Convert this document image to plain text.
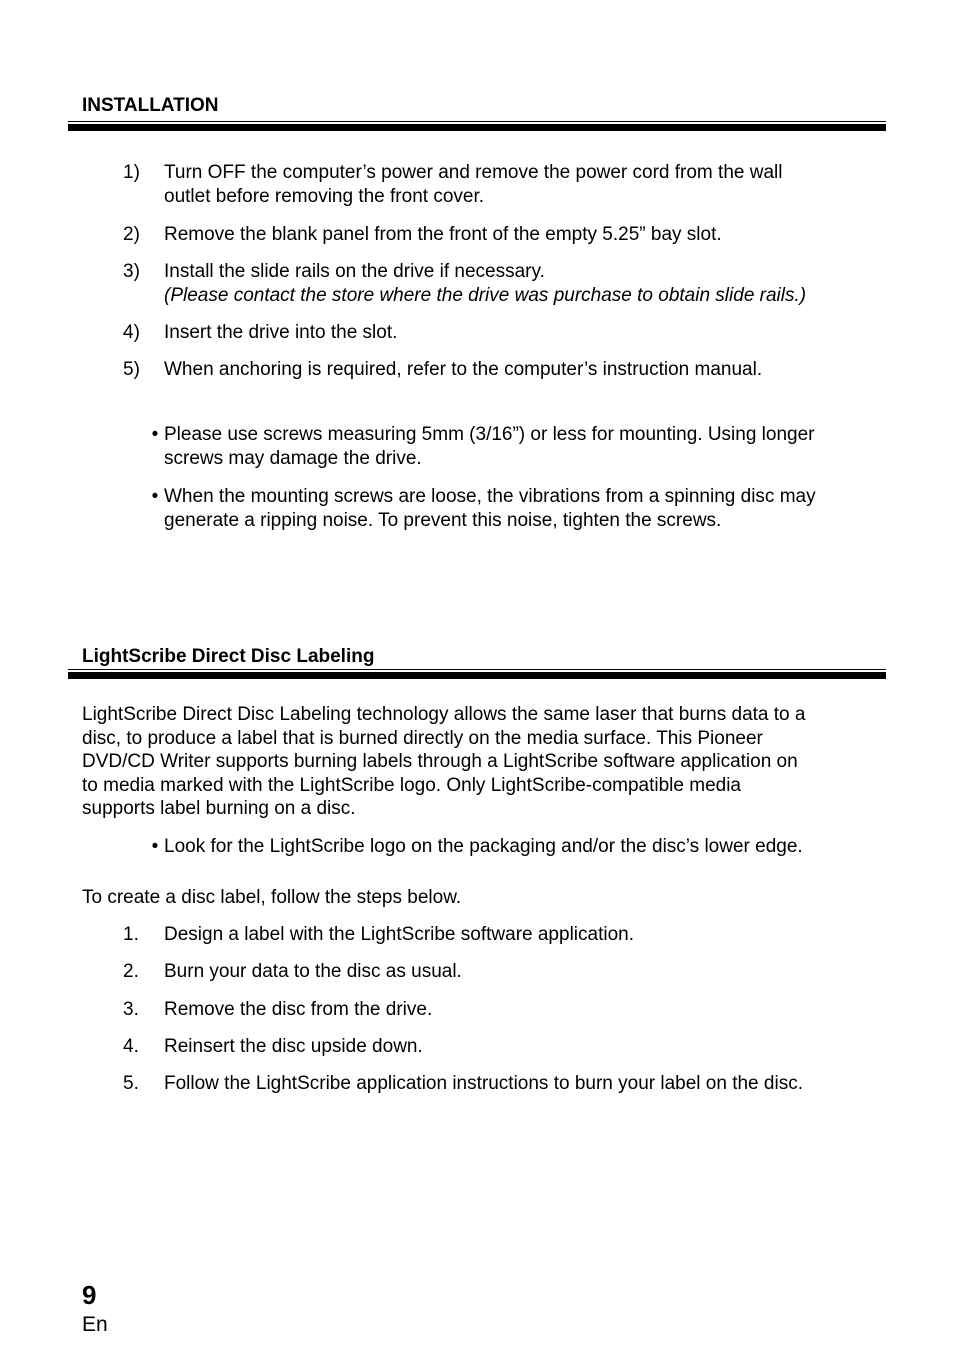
INSTALLATION
1) Turn OFF the computer’s power and remove the power cord from the wall
outlet before removing the front cover.
2) Remove the blank panel from the front of the empty 5.25” bay slot.
3) Install the slide rails on the drive if necessary.
(Please contact the store where the drive was purchase to obtain slide rails.)
4) Insert the drive into the slot.
5) When anchoring is required, refer to the computer’s instruction manual.
• Please use screws measuring 5mm (3/16”) or less for mounting. Using longer
screws may damage the drive.
• When the mounting screws are loose, the vibrations from a spinning disc may
generate a ripping noise. To prevent this noise, tighten the screws.
LightScribe Direct Disc Labeling

LightScribe Direct Disc Labeling technology allows the same laser that burns data to a
disc, to produce a label that is burned directly on the media surface. This Pioneer
DVD/CD Writer supports burning labels through a LightScribe software application on
to media marked with the LightScribe logo. Only LightScribe-compatible media
supports label burning on a disc.

• Look for the LightScribe logo on the packaging and/or the disc’s lower edge.

To create a disc label, follow the steps below.

1. Design a label with the LightScribe software application.
2. Burn your data to the disc as usual.
3. Remove the disc from the drive.
4. Reinsert the disc upside down.
5. Follow the LightScribe application instructions to burn your label on the disc.
9
En
